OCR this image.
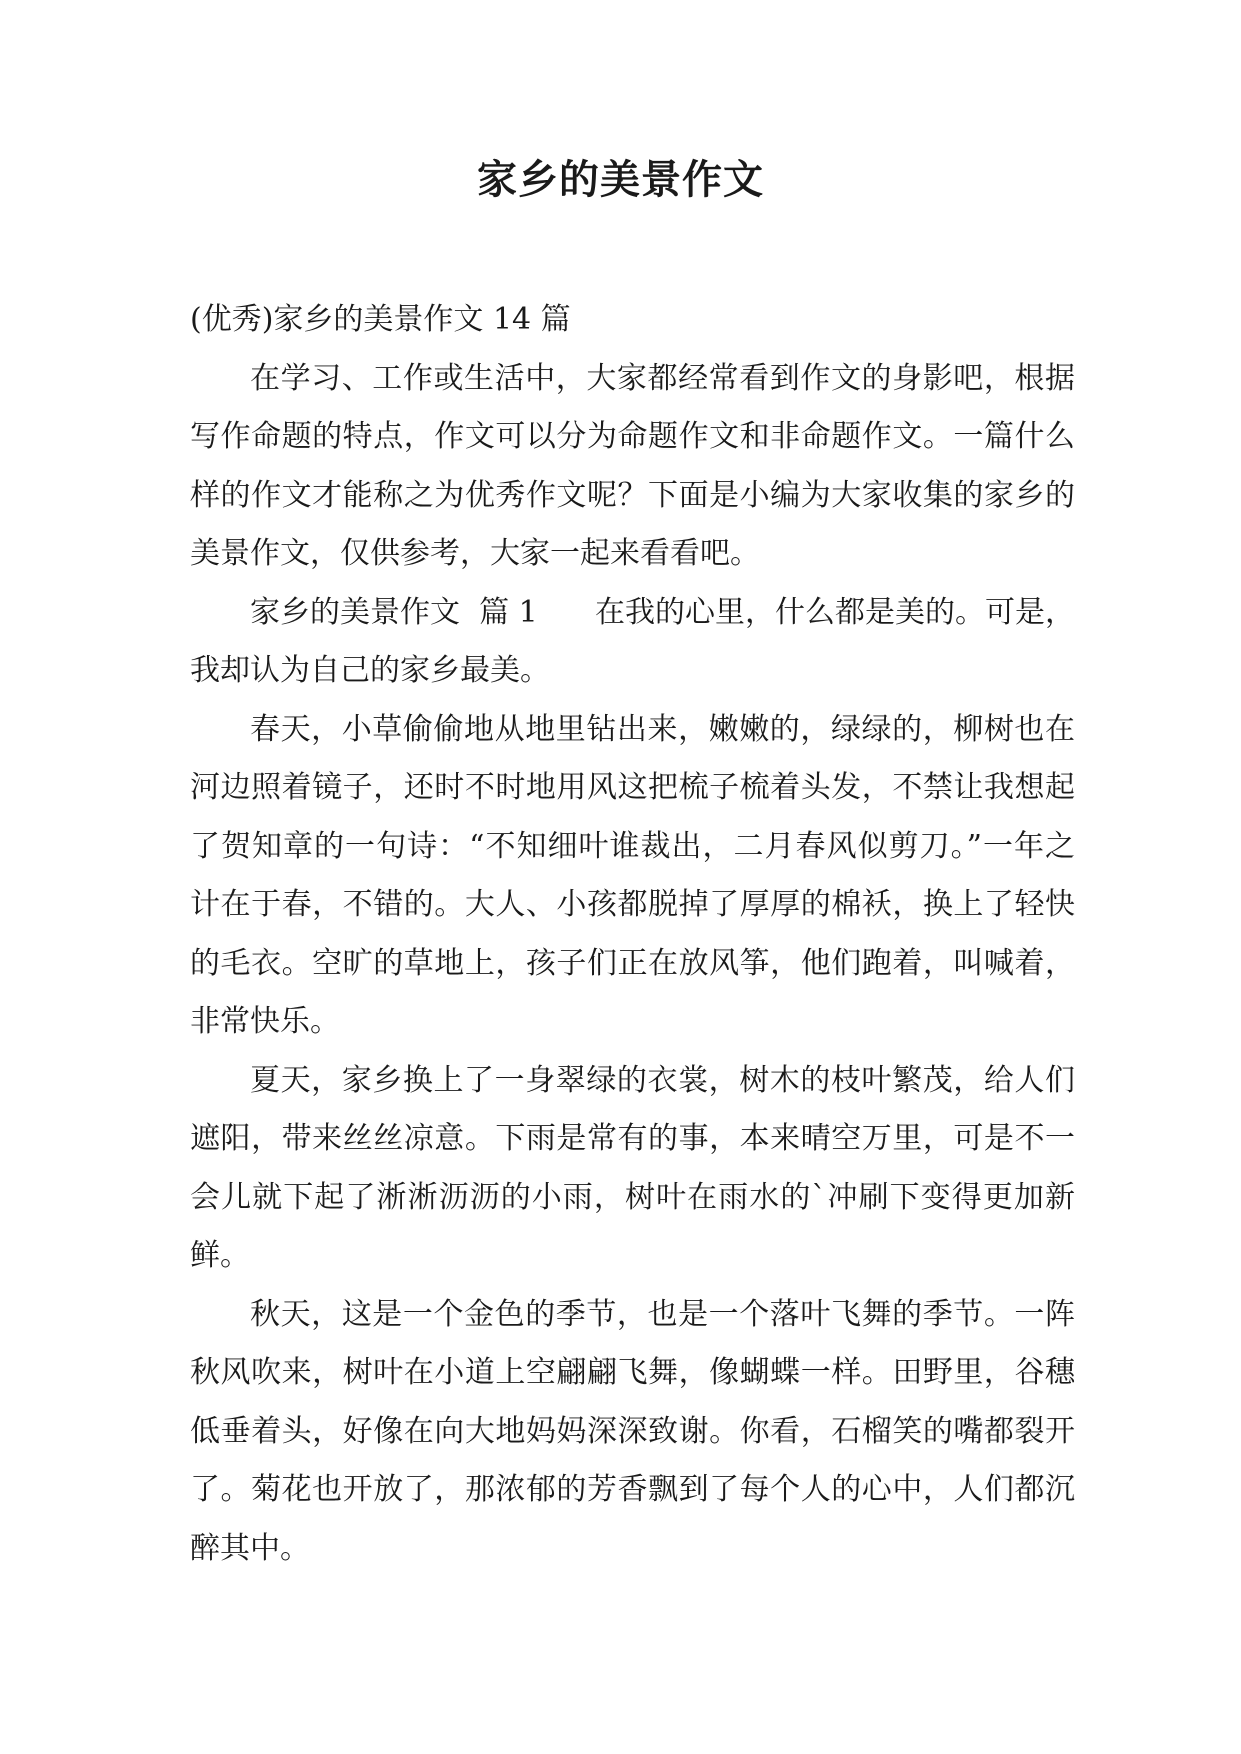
家乡的美景作文

(优秀)家乡的美景作文 14 篇

在学习、工作或生活中，大家都经常看到作文的身影吧，根据写作命题的特点，作文可以分为命题作文和非命题作文。一篇什么样的作文才能称之为优秀作文呢？下面是小编为大家收集的家乡的美景作文，仅供参考，大家一起来看看吧。

家乡的美景作文  篇 1      在我的心里，什么都是美的。可是，我却认为自己的家乡最美。

春天，小草偷偷地从地里钻出来，嫩嫩的，绿绿的，柳树也在河边照着镜子，还时不时地用风这把梳子梳着头发，不禁让我想起了贺知章的一句诗：“不知细叶谁裁出，二月春风似剪刀。”一年之计在于春，不错的。大人、小孩都脱掉了厚厚的棉袄，换上了轻快的毛衣。空旷的草地上，孩子们正在放风筝，他们跑着，叫喊着，非常快乐。

夏天，家乡换上了一身翠绿的衣裳，树木的枝叶繁茂，给人们遮阳，带来丝丝凉意。下雨是常有的事，本来晴空万里，可是不一会儿就下起了淅淅沥沥的小雨，树叶在雨水的`冲刷下变得更加新鲜。

秋天，这是一个金色的季节，也是一个落叶飞舞的季节。一阵秋风吹来，树叶在小道上空翩翩飞舞，像蝴蝶一样。田野里，谷穗低垂着头，好像在向大地妈妈深深致谢。你看，石榴笑的嘴都裂开了。菊花也开放了，那浓郁的芳香飘到了每个人的心中，人们都沉醉其中。
